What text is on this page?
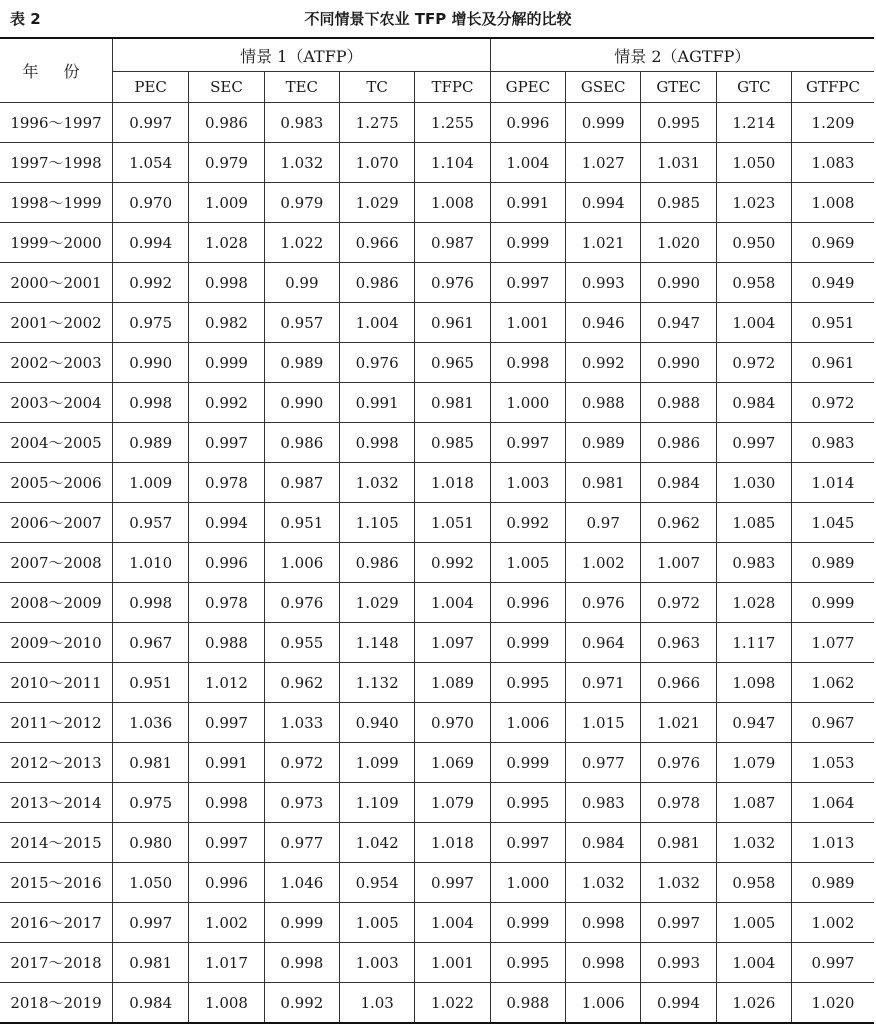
表 2	不同情景下农业 TFP 增长及分解的比较
年 份	情景 1（ATFP）					情景 2（AGTFP）				
	PEC	SEC	TEC	TC	TFPC	GPEC	GSEC	GTEC	GTC	GTFPC
1996～1997	0.997	0.986	0.983	1.275	1.255	0.996	0.999	0.995	1.214	1.209
1997～1998	1.054	0.979	1.032	1.070	1.104	1.004	1.027	1.031	1.050	1.083
1998～1999	0.970	1.009	0.979	1.029	1.008	0.991	0.994	0.985	1.023	1.008
1999～2000	0.994	1.028	1.022	0.966	0.987	0.999	1.021	1.020	0.950	0.969
2000～2001	0.992	0.998	0.99	0.986	0.976	0.997	0.993	0.990	0.958	0.949
2001～2002	0.975	0.982	0.957	1.004	0.961	1.001	0.946	0.947	1.004	0.951
2002～2003	0.990	0.999	0.989	0.976	0.965	0.998	0.992	0.990	0.972	0.961
2003～2004	0.998	0.992	0.990	0.991	0.981	1.000	0.988	0.988	0.984	0.972
2004～2005	0.989	0.997	0.986	0.998	0.985	0.997	0.989	0.986	0.997	0.983
2005～2006	1.009	0.978	0.987	1.032	1.018	1.003	0.981	0.984	1.030	1.014
2006～2007	0.957	0.994	0.951	1.105	1.051	0.992	0.97	0.962	1.085	1.045
2007～2008	1.010	0.996	1.006	0.986	0.992	1.005	1.002	1.007	0.983	0.989
2008～2009	0.998	0.978	0.976	1.029	1.004	0.996	0.976	0.972	1.028	0.999
2009～2010	0.967	0.988	0.955	1.148	1.097	0.999	0.964	0.963	1.117	1.077
2010～2011	0.951	1.012	0.962	1.132	1.089	0.995	0.971	0.966	1.098	1.062
2011～2012	1.036	0.997	1.033	0.940	0.970	1.006	1.015	1.021	0.947	0.967
2012～2013	0.981	0.991	0.972	1.099	1.069	0.999	0.977	0.976	1.079	1.053
2013～2014	0.975	0.998	0.973	1.109	1.079	0.995	0.983	0.978	1.087	1.064
2014～2015	0.980	0.997	0.977	1.042	1.018	0.997	0.984	0.981	1.032	1.013
2015～2016	1.050	0.996	1.046	0.954	0.997	1.000	1.032	1.032	0.958	0.989
2016～2017	0.997	1.002	0.999	1.005	1.004	0.999	0.998	0.997	1.005	1.002
2017～2018	0.981	1.017	0.998	1.003	1.001	0.995	0.998	0.993	1.004	0.997
2018～2019	0.984	1.008	0.992	1.03	1.022	0.988	1.006	0.994	1.026	1.020
